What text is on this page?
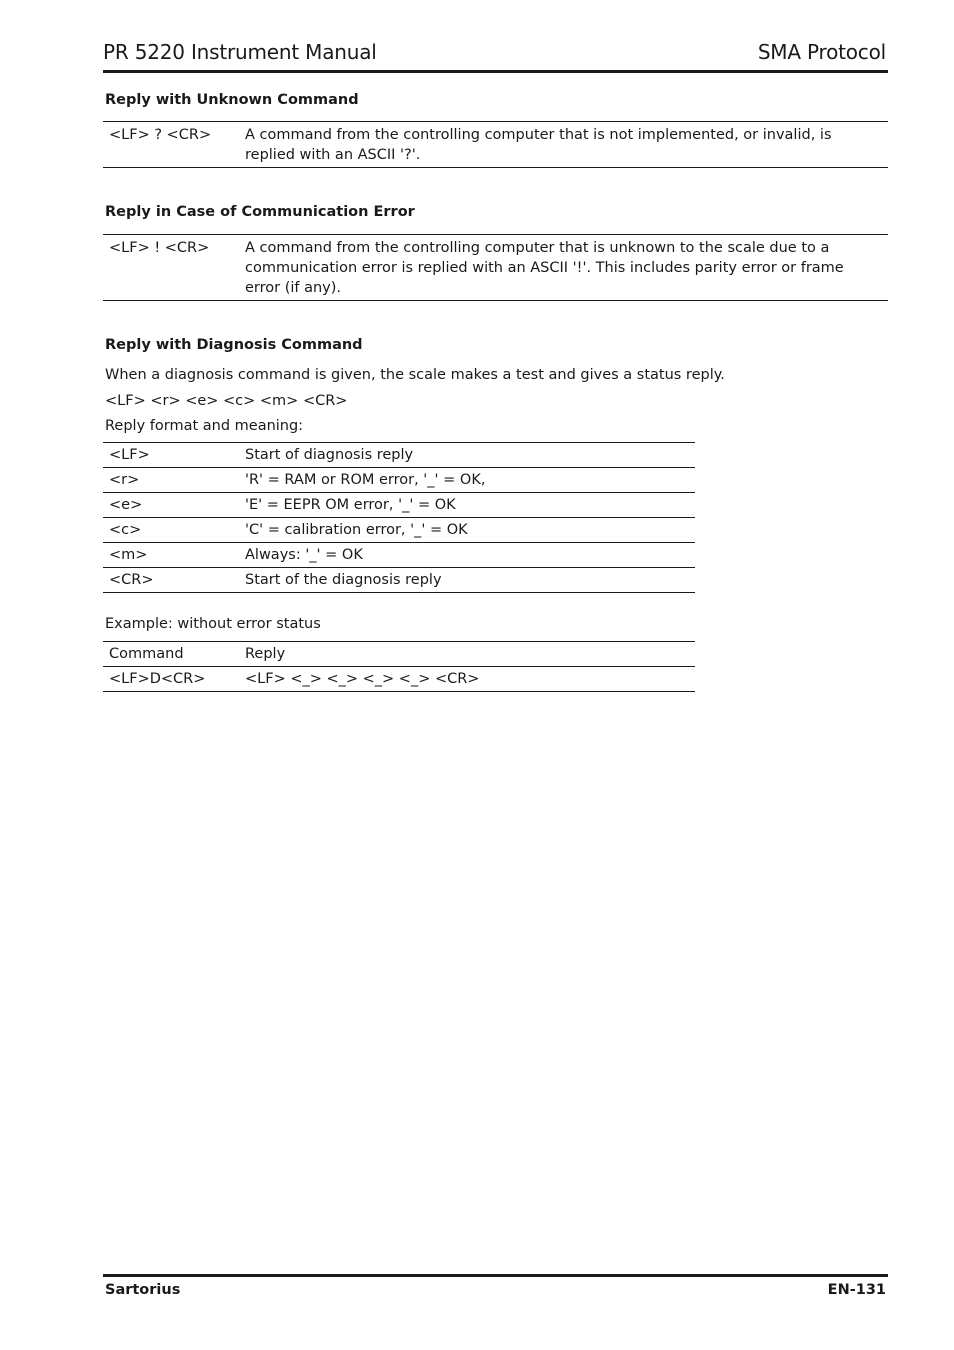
PR 5220 Instrument Manual	SMA Protocol
Reply with Unknown Command
<LF> ? <CR>	A command from the controlling computer that is not implemented, or invalid, is replied with an ASCII '?'.
Reply in Case of Communication Error
<LF> ! <CR>	A command from the controlling computer that is unknown to the scale due to a communication error is replied with an ASCII '!'. This includes parity error or frame error (if any).
Reply with Diagnosis Command
When a diagnosis command is given, the scale makes a test and gives a status reply.
<LF> <r> <e> <c> <m> <CR>
Reply format and meaning:
<LF>	Start of diagnosis reply
<r>	'R' = RAM or ROM error, '_' = OK,
<e>	'E' = EEPR OM error, '_' = OK
<c>	'C' = calibration error, '_' = OK
<m>	Always: '_' = OK
<CR>	Start of the diagnosis reply
Example: without error status
Command	Reply
<LF>D<CR>	<LF> <_> <_> <_> <_> <CR>
Sartorius	EN-131
